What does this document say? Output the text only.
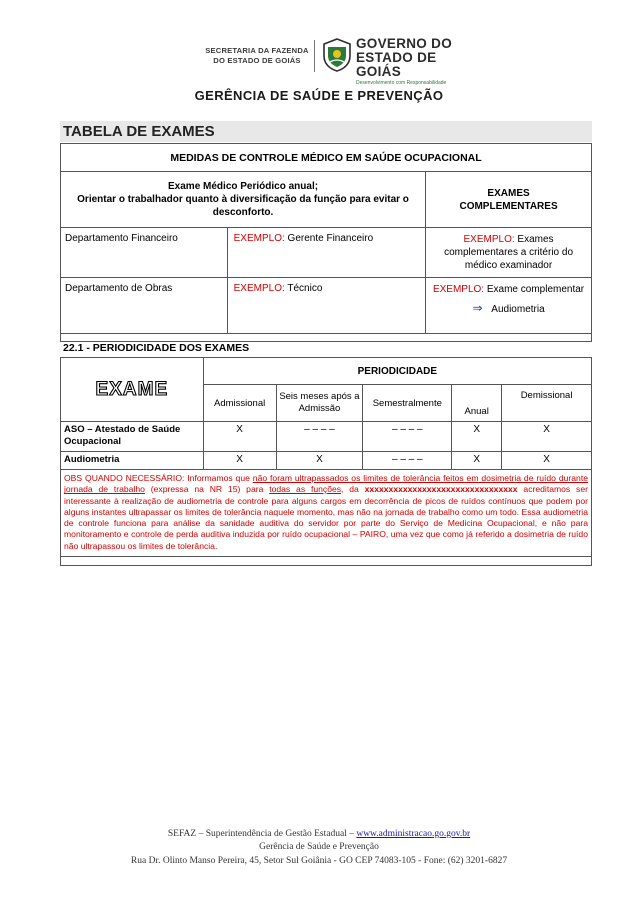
SECRETARIA DA FAZENDA
DO ESTADO DE GOIÁS
GOVERNO DO
ESTADO DE GOIÁS
Desenvolvimento com Responsabilidade
GERÊNCIA DE SAÚDE E PREVENÇÃO
TABELA DE EXAMES
MEDIDAS DE CONTROLE MÉDICO EM SAÚDE OCUPACIONAL		

Exame Médico Periódico anual;
Orientar o trabalhador quanto à diversificação da função para evitar o desconforto.		EXAMES COMPLEMENTARES
Departamento Financeiro	EXEMPLO: Gerente Financeiro	EXEMPLO: Exames complementares a critério do médico examinador
Departamento de Obras	EXEMPLO: Técnico	EXEMPLO: Exame complementar
⇒ Audiometria

22.1 - PERIODICIDADE DOS EXAMES
EXAME	PERIODICIDADE				
	Admissional	Seis meses após a Admissão	Semestralmente	Anual	Demissional
ASO – Atestado de Saúde Ocupacional	X	– – – –	– – – –	X	X
Audiometria	X	X	– – – –	X	X
OBS QUANDO NECESSÁRIO: Informamos que não foram ultrapassados os limites de tolerância feitos em dosimetria de ruído durante jornada de trabalho (expressa na NR 15) para todas as funções, da xxxxxxxxxxxxxxxxxxxxxxxxxxxxxxxx acreditamos ser interessante à realização de audiometria de controle para alguns cargos em decorrência de picos de ruídos contínuos que podem por alguns instantes ultrapassar os limites de tolerância naquele momento, mas não na jornada de trabalho como um todo. Essa audiometria de controle funciona para análise da sanidade auditiva do servidor por parte do Serviço de Medicina Ocupacional, e não para monitoramento e controle de perda auditiva induzida por ruído ocupacional – PAIRO, uma vez que como já referido a dosimetria de ruído não ultrapassou os limites de tolerância.					

SEFAZ – Superintendência de Gestão Estadual – www.administracao.go.gov.br
Gerência de Saúde e Prevenção
Rua Dr. Olinto Manso Pereira, 45, Setor Sul Goiânia - GO CEP 74083-105 - Fone: (62) 3201-6827
